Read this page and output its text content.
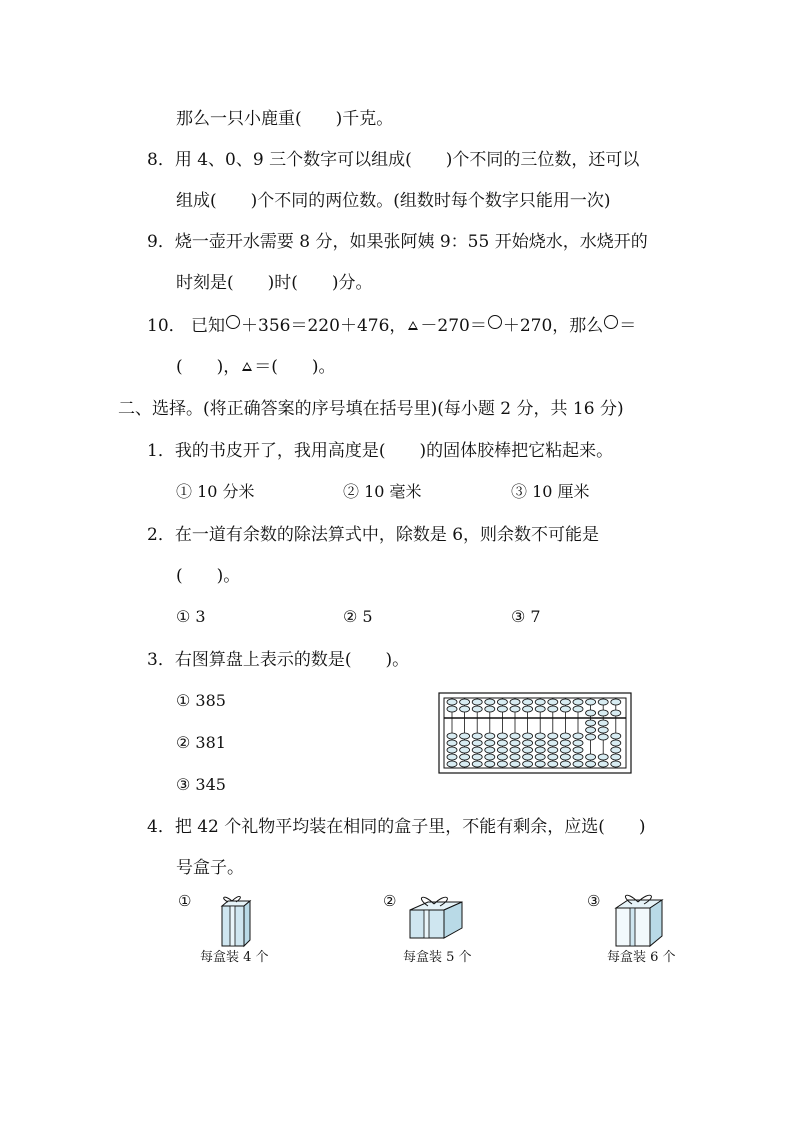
那么一只小鹿重(　　)千克。
8．用 4、0、9 三个数字可以组成(　　)个不同的三位数，还可以
组成(　　)个不同的两位数。(组数时每个数字只能用一次)
9．烧一壶开水需要 8 分，如果张阿姨 9：55 开始烧水，水烧开的
时刻是(　　)时(　　)分。
10． 已知 ＋356＝220＋476， －270＝ ＋270，那么 ＝
(　　)， ＝(　　)。
二、选择。(将正确答案的序号填在括号里)(每小题 2 分，共 16 分)
1．我的书皮开了，我用高度是(　　)的固体胶棒把它粘起来。
① 10 分米	② 10 毫米	③ 10 厘米
2．在一道有余数的除法算式中，除数是 6，则余数不可能是
(　　)。
① 3	② 5	③ 7
3．右图算盘上表示的数是(　　)。
① 385
② 381
③ 345
4．把 42 个礼物平均装在相同的盒子里，不能有剩余，应选(　　)
号盒子。
①
每盒装 4 个
②
每盒装 5 个
③
每盒装 6 个
